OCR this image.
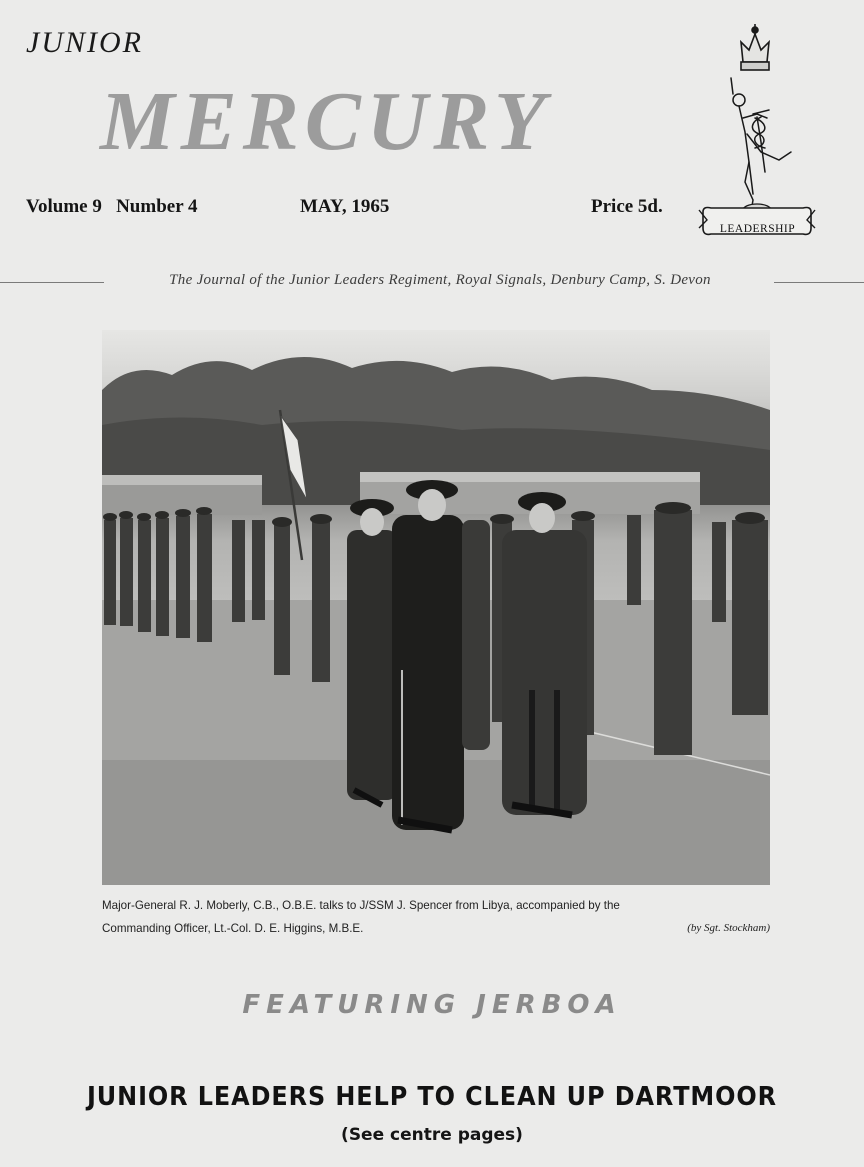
JUNIOR
MERCURY
Volume 9   Number 4	MAY, 1965	Price 5d.
LEADERSHIP
The Journal of the Junior Leaders Regiment, Royal Signals, Denbury Camp, S. Devon
Major-General R. J. Moberly, C.B., O.B.E. talks to J/SSM J. Spencer from Libya, accompanied by the
Commanding Officer, Lt.-Col. D. E. Higgins, M.B.E.	(by Sgt. Stockham)
FEATURING JERBOA
JUNIOR LEADERS HELP TO CLEAN UP DARTMOOR
(See centre pages)
